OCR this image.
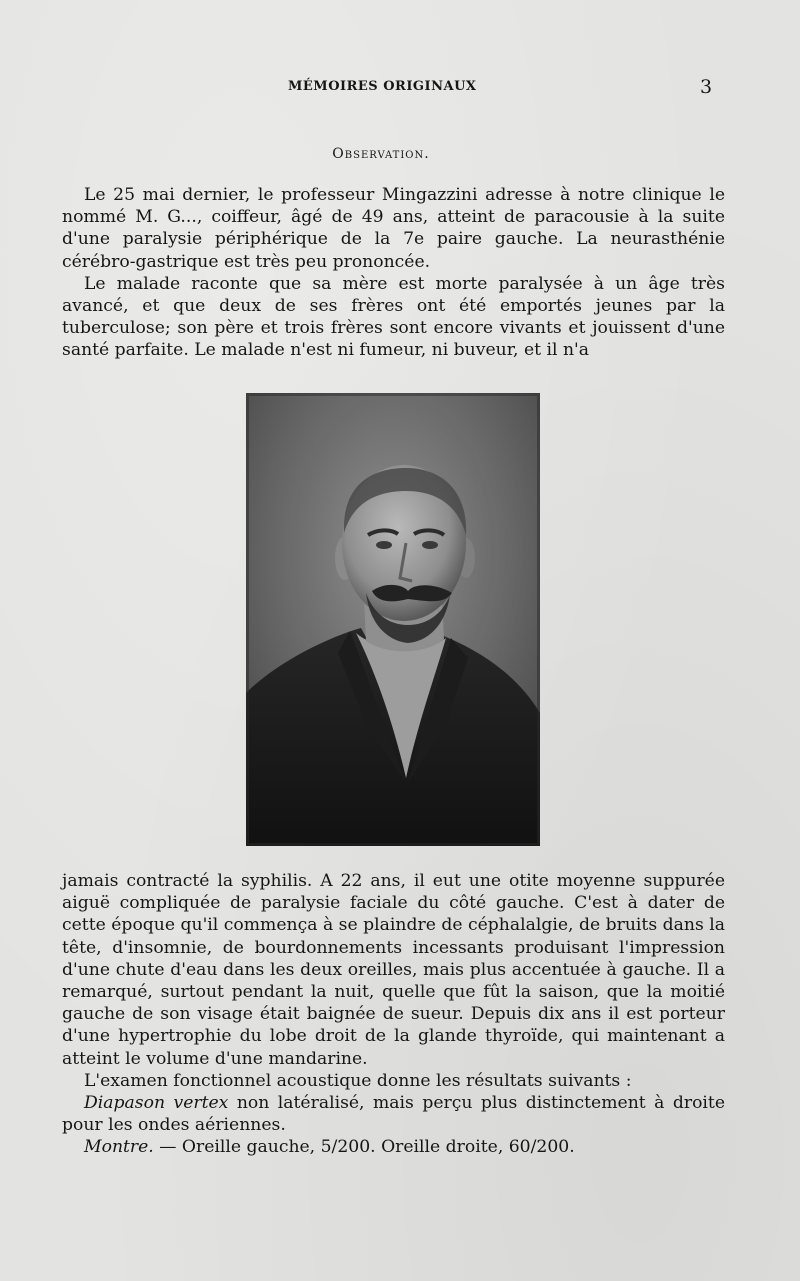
MÉMOIRES ORIGINAUX	3
Observation.

Le 25 mai dernier, le professeur Mingazzini adresse à notre clinique le nommé M. G..., coiffeur, âgé de 49 ans, atteint de paracousie à la suite d'une paralysie périphérique de la 7e paire gauche. La neurasthénie cérébro-gastrique est très peu prononcée.

Le malade raconte que sa mère est morte paralysée à un âge très avancé, et que deux de ses frères ont été emportés jeunes par la tuberculose; son père et trois frères sont encore vivants et jouissent d'une santé parfaite. Le malade n'est ni fumeur, ni buveur, et il n'a

jamais contracté la syphilis. A 22 ans, il eut une otite moyenne suppurée aiguë compliquée de paralysie faciale du côté gauche. C'est à dater de cette époque qu'il commença à se plaindre de céphalalgie, de bruits dans la tête, d'insomnie, de bourdonnements incessants produisant l'impression d'une chute d'eau dans les deux oreilles, mais plus accentuée à gauche. Il a remarqué, surtout pendant la nuit, quelle que fût la saison, que la moitié gauche de son visage était baignée de sueur. Depuis dix ans il est porteur d'une hypertrophie du lobe droit de la glande thyroïde, qui maintenant a atteint le volume d'une mandarine.

L'examen fonctionnel acoustique donne les résultats suivants :

Diapason vertex non latéralisé, mais perçu plus distinctement à droite pour les ondes aériennes.

Montre. — Oreille gauche, 5/200. Oreille droite, 60/200.
